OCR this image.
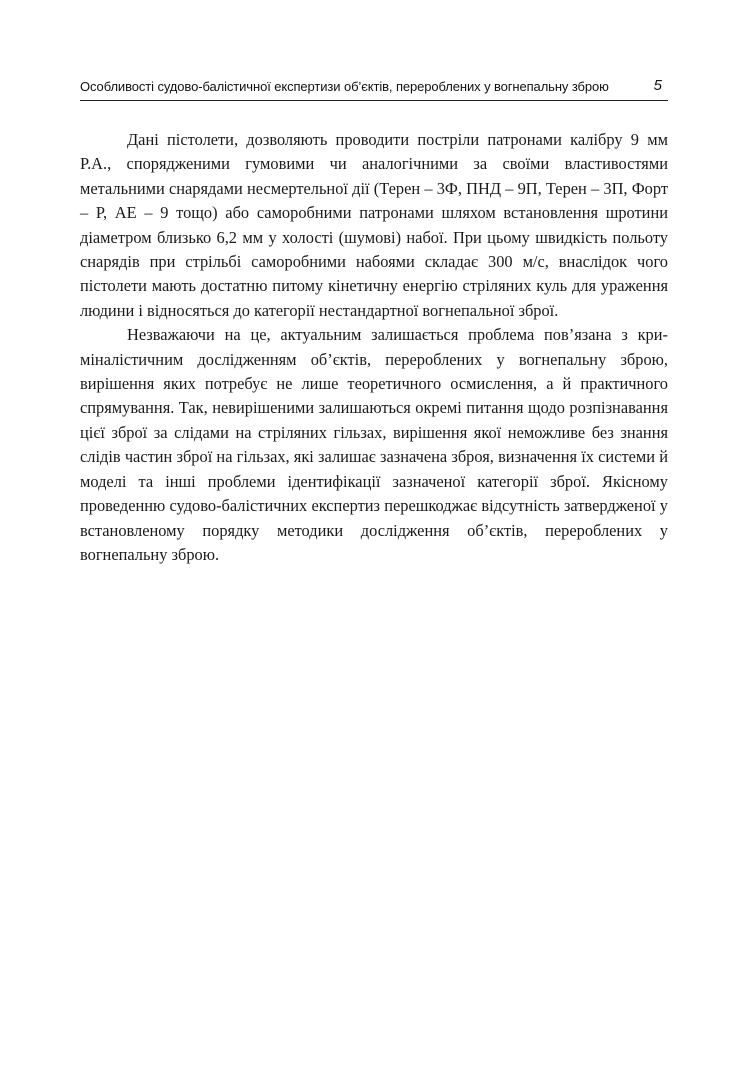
Особливості судово-балістичної експертизи об’єктів, перероблених у вогнепальну зброю	5

Дані пістолети, дозволяють проводити постріли патронами калібру 9 мм Р.А., спорядженими гумовими чи аналогічними за своїми властивостями метальними снарядами несмертельної дії (Терен – 3Ф, ПНД – 9П, Терен – 3П, Форт – Р, АЕ – 9 тощо) або саморобними патронами шляхом встановлення шротини діаметром близько 6,2 мм у холості (шумові) набої. При цьому швидкість польоту снарядів при стрільбі саморобними набоями складає 300 м/с, внаслідок чого пістолети мають достатню питому кінетичну енергію стріляних куль для ураження людини і відносяться до категорії нестандартної вогнепальної зброї.

Незважаючи на це, актуальним залишається проблема пов’язана з криміналістичним дослідженням об’єктів, перероблених у вогнепальну зброю, вирішення яких потребує не лише теоретичного осмислення, а й практичного спрямування. Так, невирішеними залишаються окремі питання щодо розпізнавання цієї зброї за слідами на стріляних гільзах, вирішення якої неможливе без знання слідів частин зброї на гільзах, які залишає зазначена зброя, визначення їх системи й моделі та інші проблеми ідентифікації зазначеної категорії зброї. Якісному проведенню судово-балістичних експертиз перешкоджає відсутність затвердженої у встановленому порядку методики дослідження об’єктів, перероблених у вогнепальну зброю.
